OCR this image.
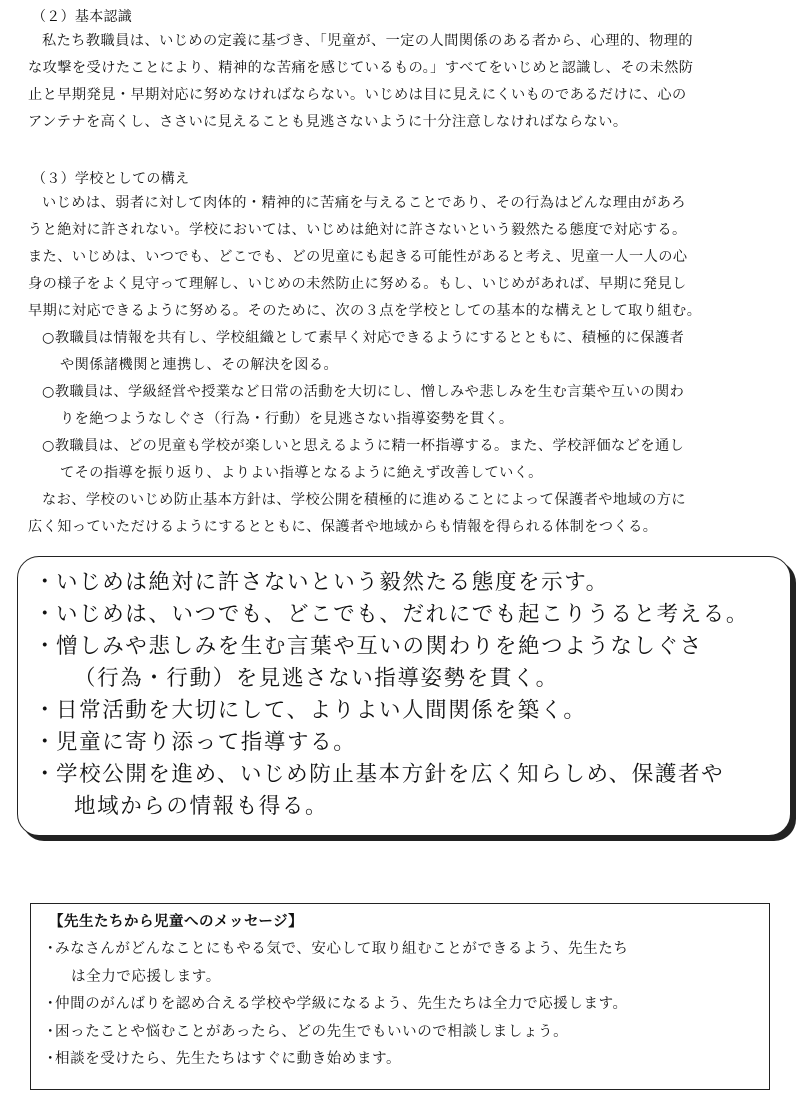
（２）基本認識
私たち教職員は、いじめの定義に基づき、「児童が、一定の人間関係のある者から、心理的、物理的
な攻撃を受けたことにより、精神的な苦痛を感じているもの。」すべてをいじめと認識し、その未然防
止と早期発見・早期対応に努めなければならない。いじめは目に見えにくいものであるだけに、心の
アンテナを高くし、ささいに見えることも見逃さないように十分注意しなければならない。
（３）学校としての構え
いじめは、弱者に対して肉体的・精神的に苦痛を与えることであり、その行為はどんな理由があろ
うと絶対に許されない。学校においては、いじめは絶対に許さないという毅然たる態度で対応する。
また、いじめは、いつでも、どこでも、どの児童にも起きる可能性があると考え、児童一人一人の心
身の様子をよく見守って理解し、いじめの未然防止に努める。もし、いじめがあれば、早期に発見し
早期に対応できるように努める。そのために、次の３点を学校としての基本的な構えとして取り組む。
○教職員は情報を共有し、学校組織として素早く対応できるようにするとともに、積極的に保護者
や関係諸機関と連携し、その解決を図る。
○教職員は、学級経営や授業など日常の活動を大切にし、憎しみや悲しみを生む言葉や互いの関わ
りを絶つようなしぐさ（行為・行動）を見逃さない指導姿勢を貫く。
○教職員は、どの児童も学校が楽しいと思えるように精一杯指導する。また、学校評価などを通し
てその指導を振り返り、よりよい指導となるように絶えず改善していく。
なお、学校のいじめ防止基本方針は、学校公開を積極的に進めることによって保護者や地域の方に
広く知っていただけるようにするとともに、保護者や地域からも情報を得られる体制をつくる。
・
いじめは絶対に許さないという毅然たる態度を示す。
・
いじめは、いつでも、どこでも、だれにでも起こりうると考える。
・
憎しみや悲しみを生む言葉や互いの関わりを絶つようなしぐさ
（行為・行動）を見逃さない指導姿勢を貫く。
・
日常活動を大切にして、よりよい人間関係を築く。
・
児童に寄り添って指導する。
・
学校公開を進め、いじめ防止基本方針を広く知らしめ、保護者や
地域からの情報も得る。
【先生たちから児童へのメッセージ】
・
みなさんがどんなことにもやる気で、安心して取り組むことができるよう、先生たち
は全力で応援します。
・
仲間のがんばりを認め合える学校や学級になるよう、先生たちは全力で応援します。
・
困ったことや悩むことがあったら、どの先生でもいいので相談しましょう。
・
相談を受けたら、先生たちはすぐに動き始めます。
